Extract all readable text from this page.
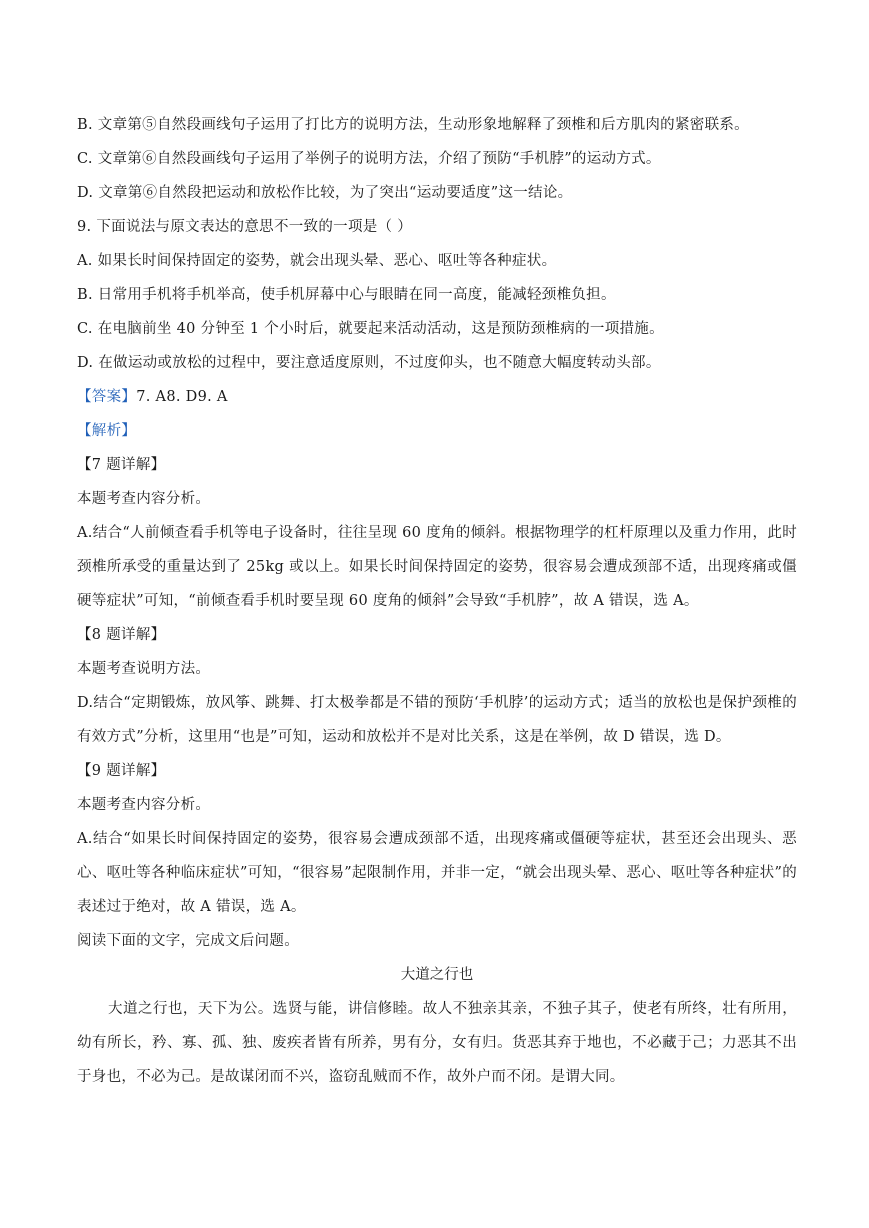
B. 文章第⑤自然段画线句子运用了打比方的说明方法，生动形象地解释了颈椎和后方肌肉的紧密联系。
C. 文章第⑥自然段画线句子运用了举例子的说明方法，介绍了预防“手机脖”的运动方式。
D. 文章第⑥自然段把运动和放松作比较，为了突出“运动要适度”这一结论。
9. 下面说法与原文表达的意思不一致的一项是（ ）
A. 如果长时间保持固定的姿势，就会出现头晕、恶心、呕吐等各种症状。
B. 日常用手机将手机举高，使手机屏幕中心与眼睛在同一高度，能减轻颈椎负担。
C. 在电脑前坐 40 分钟至 1 个小时后，就要起来活动活动，这是预防颈椎病的一项措施。
D. 在做运动或放松的过程中，要注意适度原则，不过度仰头，也不随意大幅度转动头部。
【答案】7. A8. D9. A
【解析】
【7 题详解】
本题考查内容分析。
A.结合“人前倾查看手机等电子设备时，往往呈现 60 度角的倾斜。根据物理学的杠杆原理以及重力作用，此时颈椎所承受的重量达到了 25kg 或以上。如果长时间保持固定的姿势，很容易会遭成颈部不适，出现疼痛或僵硬等症状”可知，“前倾查看手机时要呈现 60 度角的倾斜”会导致“手机脖”，故 A 错误，选 A。
【8 题详解】
本题考查说明方法。
D.结合“定期锻炼，放风筝、跳舞、打太极拳都是不错的预防‘手机脖’的运动方式；适当的放松也是保护颈椎的有效方式”分析，这里用“也是”可知，运动和放松并不是对比关系，这是在举例，故 D 错误，选 D。
【9 题详解】
本题考查内容分析。
A.结合“如果长时间保持固定的姿势，很容易会遭成颈部不适，出现疼痛或僵硬等症状，甚至还会出现头、恶心、呕吐等各种临床症状”可知，“很容易”起限制作用，并非一定，“就会出现头晕、恶心、呕吐等各种症状”的表述过于绝对，故 A 错误，选 A。
阅读下面的文字，完成文后问题。
大道之行也
大道之行也，天下为公。选贤与能，讲信修睦。故人不独亲其亲，不独子其子，使老有所终，壮有所用，幼有所长，矜、寡、孤、独、废疾者皆有所养，男有分，女有归。货恶其弃于地也，不必藏于己；力恶其不出于身也，不必为己。是故谋闭而不兴，盗窃乱贼而不作，故外户而不闭。是谓大同。
